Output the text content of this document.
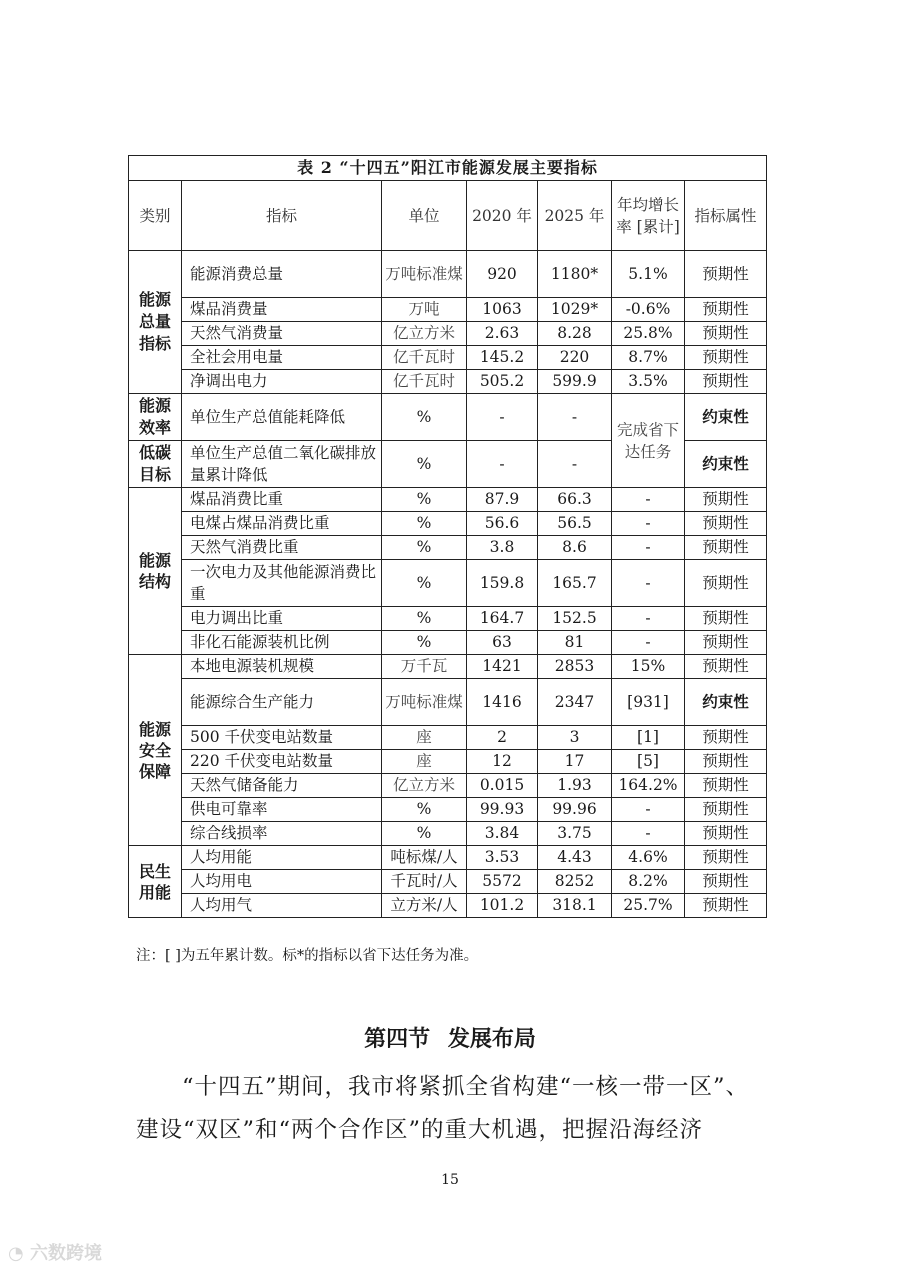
表 2 “十四五”阳江市能源发展主要指标						
类别	指标	单位	2020 年	2025 年	年均增长率 [累计]	指标属性
能源总量指标	能源消费总量	万吨标准煤	920	1180*	5.1%	预期性
	煤品消费量	万吨	1063	1029*	-0.6%	预期性
	天然气消费量	亿立方米	2.63	8.28	25.8%	预期性
	全社会用电量	亿千瓦时	145.2	220	8.7%	预期性
	净调出电力	亿千瓦时	505.2	599.9	3.5%	预期性
能源效率	单位生产总值能耗降低	%	-	-	完成省下达任务	约束性
低碳目标	单位生产总值二氧化碳排放量累计降低	%	-	-		约束性
能源结构	煤品消费比重	%	87.9	66.3	-	预期性
	电煤占煤品消费比重	%	56.6	56.5	-	预期性
	天然气消费比重	%	3.8	8.6	-	预期性
	一次电力及其他能源消费比重	%	159.8	165.7	-	预期性
	电力调出比重	%	164.7	152.5	-	预期性
	非化石能源装机比例	%	63	81	-	预期性
能源安全保障	本地电源装机规模	万千瓦	1421	2853	15%	预期性
	能源综合生产能力	万吨标准煤	1416	2347	[931]	约束性
	500 千伏变电站数量	座	2	3	[1]	预期性
	220 千伏变电站数量	座	12	17	[5]	预期性
	天然气储备能力	亿立方米	0.015	1.93	164.2%	预期性
	供电可靠率	%	99.93	99.96	-	预期性
	综合线损率	%	3.84	3.75	-	预期性
民生用能	人均用能	吨标煤/人	3.53	4.43	4.6%	预期性
	人均用电	千瓦时/人	5572	8252	8.2%	预期性
	人均用气	立方米/人	101.2	318.1	25.7%	预期性
注：[ ]为五年累计数。标*的指标以省下达任务为准。
第四节 发展布局
“十四五”期间，我市将紧抓全省构建“一核一带一区”、
建设“双区”和“两个合作区”的重大机遇，把握沿海经济
15
◔ 六数跨境
